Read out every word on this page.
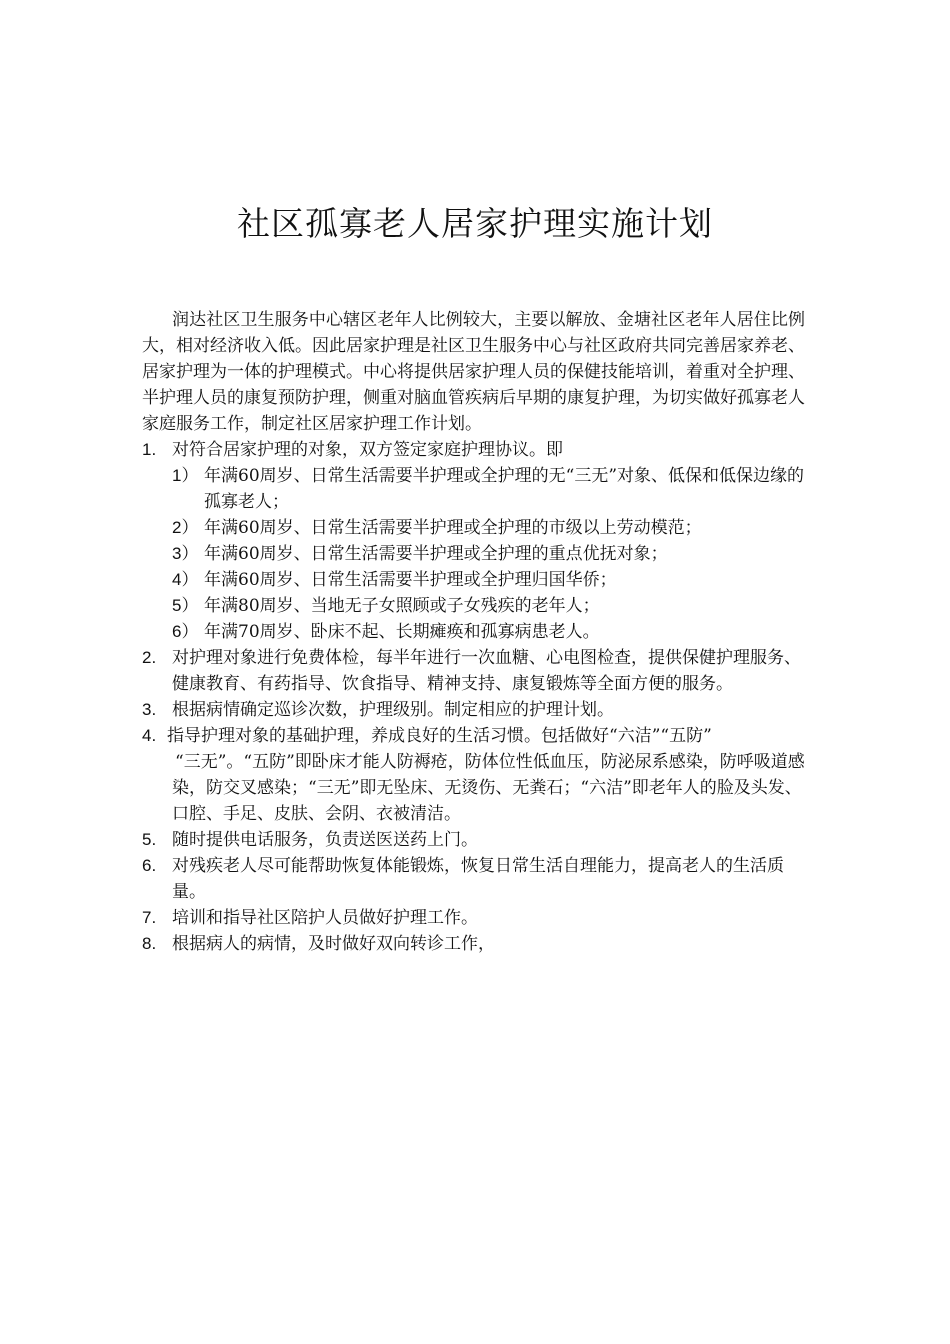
社区孤寡老人居家护理实施计划

润达社区卫生服务中心辖区老年人比例较大，主要以解放、金塘社区老年人居住比例大，相对经济收入低。因此居家护理是社区卫生服务中心与社区政府共同完善居家养老、居家护理为一体的护理模式。中心将提供居家护理人员的保健技能培训，着重对全护理、半护理人员的康复预防护理，侧重对脑血管疾病后早期的康复护理，为切实做好孤寡老人家庭服务工作，制定社区居家护理工作计划。

1. 对符合居家护理的对象，双方签定家庭护理协议。即
1） 年满60周岁、日常生活需要半护理或全护理的无“三无”对象、低保和低保边缘的孤寡老人；
2） 年满60周岁、日常生活需要半护理或全护理的市级以上劳动模范；
3） 年满60周岁、日常生活需要半护理或全护理的重点优抚对象；
4） 年满60周岁、日常生活需要半护理或全护理归国华侨；
5） 年满80周岁、当地无子女照顾或子女残疾的老年人；
6） 年满70周岁、卧床不起、长期瘫痪和孤寡病患老人。
2. 对护理对象进行免费体检，每半年进行一次血糖、心电图检查，提供保健护理服务、健康教育、有药指导、饮食指导、精神支持、康复锻炼等全面方便的服务。
3. 根据病情确定巡诊次数，护理级别。制定相应的护理计划。

4. 指导护理对象的基础护理，养成良好的生活习惯。包括做好“六洁”“五防”

“三无”。“五防”即卧床才能人防褥疮，防体位性低血压，防泌尿系感染，防呼吸道感染，防交叉感染；“三无”即无坠床、无烫伤、无粪石；“六洁”即老年人的脸及头发、口腔、手足、皮肤、会阴、衣被清洁。

5. 随时提供电话服务，负责送医送药上门。
6. 对残疾老人尽可能帮助恢复体能锻炼，恢复日常生活自理能力，提高老人的生活质量。
7. 培训和指导社区陪护人员做好护理工作。
8. 根据病人的病情，及时做好双向转诊工作，
